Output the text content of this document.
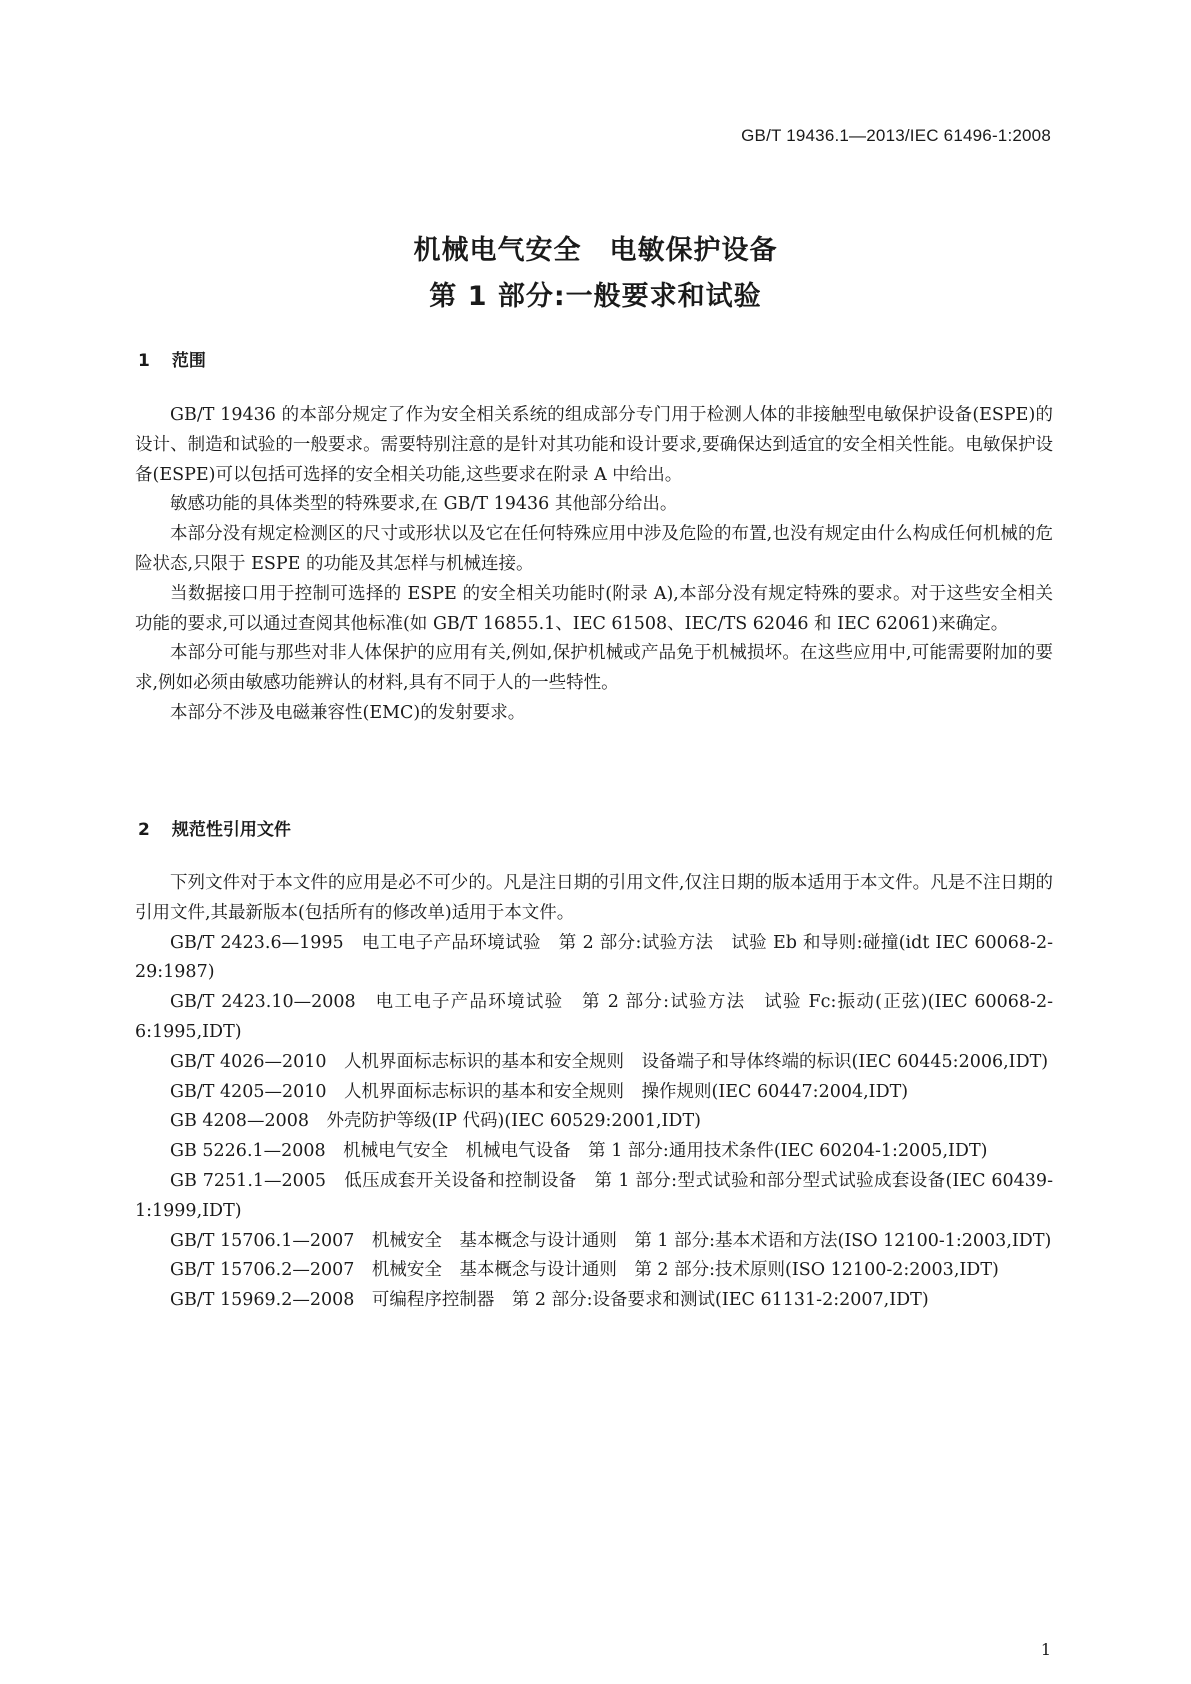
GB/T 19436.1—2013/IEC 61496-1:2008
机械电气安全　电敏保护设备
第 1 部分:一般要求和试验
1 范围

GB/T 19436 的本部分规定了作为安全相关系统的组成部分专门用于检测人体的非接触型电敏保护设备(ESPE)的设计、制造和试验的一般要求。需要特别注意的是针对其功能和设计要求,要确保达到适宜的安全相关性能。电敏保护设备(ESPE)可以包括可选择的安全相关功能,这些要求在附录 A 中给出。

敏感功能的具体类型的特殊要求,在 GB/T 19436 其他部分给出。

本部分没有规定检测区的尺寸或形状以及它在任何特殊应用中涉及危险的布置,也没有规定由什么构成任何机械的危险状态,只限于 ESPE 的功能及其怎样与机械连接。

当数据接口用于控制可选择的 ESPE 的安全相关功能时(附录 A),本部分没有规定特殊的要求。对于这些安全相关功能的要求,可以通过查阅其他标准(如 GB/T 16855.1、IEC 61508、IEC/TS 62046 和 IEC 62061)来确定。

本部分可能与那些对非人体保护的应用有关,例如,保护机械或产品免于机械损坏。在这些应用中,可能需要附加的要求,例如必须由敏感功能辨认的材料,具有不同于人的一些特性。

本部分不涉及电磁兼容性(EMC)的发射要求。

2 规范性引用文件

下列文件对于本文件的应用是必不可少的。凡是注日期的引用文件,仅注日期的版本适用于本文件。凡是不注日期的引用文件,其最新版本(包括所有的修改单)适用于本文件。

GB/T 2423.6—1995　电工电子产品环境试验　第 2 部分:试验方法　试验 Eb 和导则:碰撞(idt IEC 60068-2-29:1987)

GB/T 2423.10—2008　电工电子产品环境试验　第 2 部分:试验方法　试验 Fc:振动(正弦)(IEC 60068-2-6:1995,IDT)

GB/T 4026—2010　人机界面标志标识的基本和安全规则　设备端子和导体终端的标识(IEC 60445:2006,IDT)

GB/T 4205—2010　人机界面标志标识的基本和安全规则　操作规则(IEC 60447:2004,IDT)

GB 4208—2008　外壳防护等级(IP 代码)(IEC 60529:2001,IDT)

GB 5226.1—2008　机械电气安全　机械电气设备　第 1 部分:通用技术条件(IEC 60204-1:2005,IDT)

GB 7251.1—2005　低压成套开关设备和控制设备　第 1 部分:型式试验和部分型式试验成套设备(IEC 60439-1:1999,IDT)

GB/T 15706.1—2007　机械安全　基本概念与设计通则　第 1 部分:基本术语和方法(ISO 12100-1:2003,IDT)

GB/T 15706.2—2007　机械安全　基本概念与设计通则　第 2 部分:技术原则(ISO 12100-2:2003,IDT)

GB/T 15969.2—2008　可编程序控制器　第 2 部分:设备要求和测试(IEC 61131-2:2007,IDT)

1
